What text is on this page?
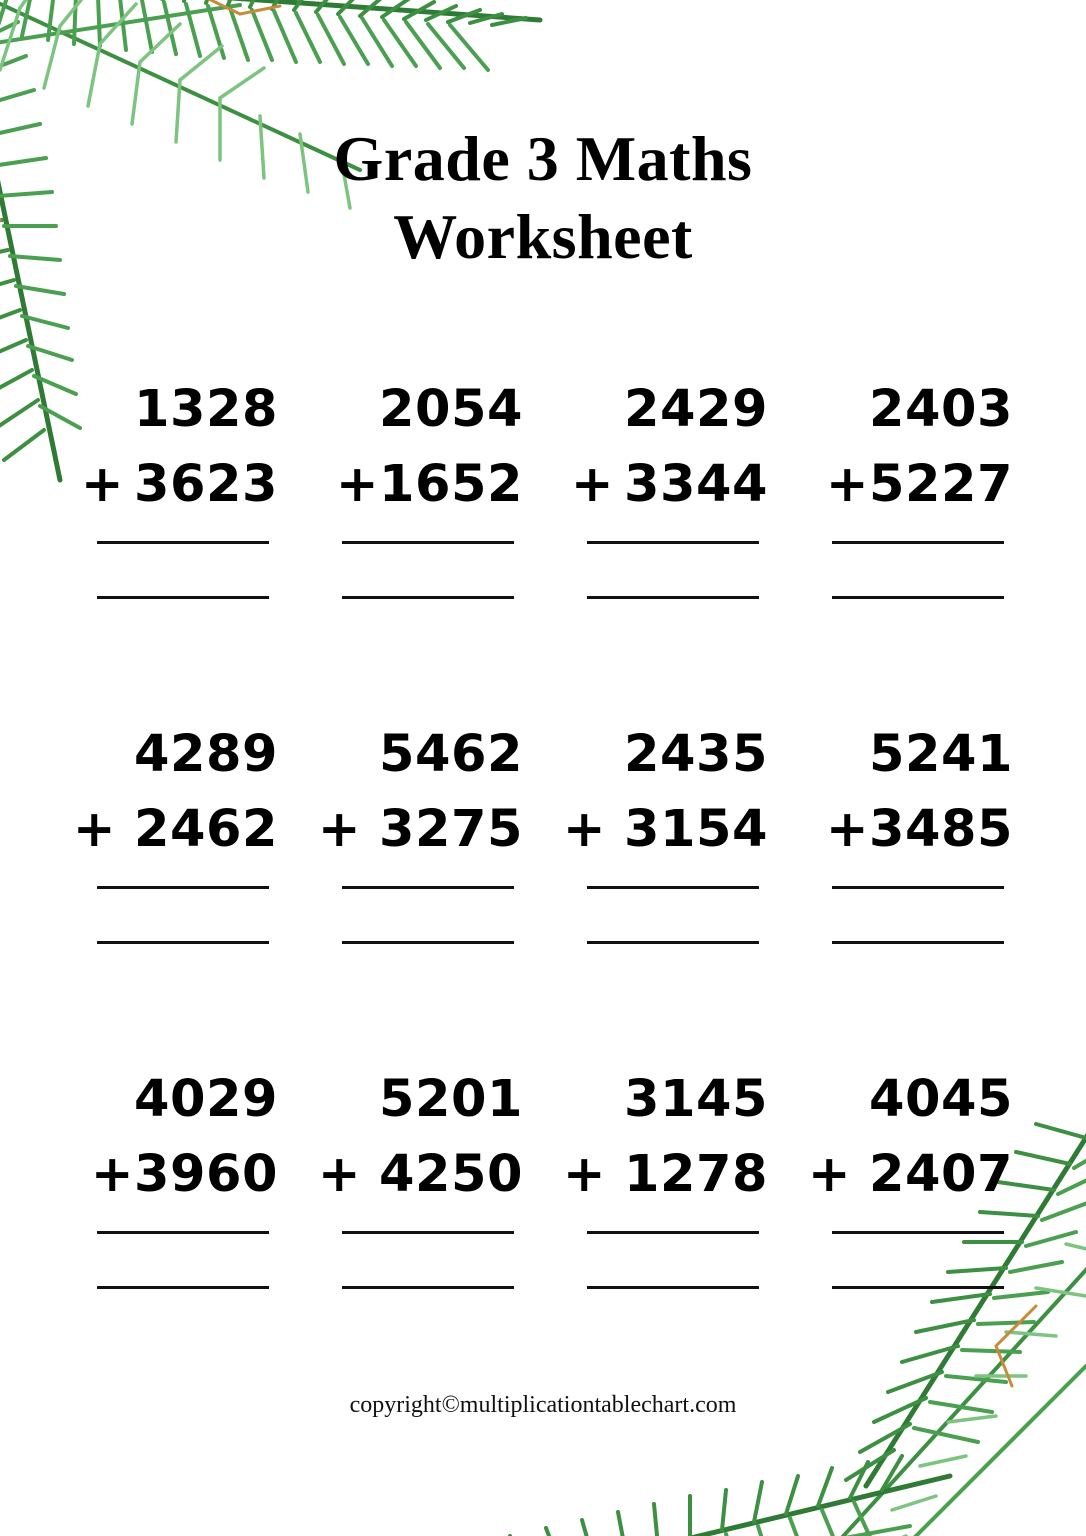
Grade 3 Maths
Worksheet
1328
+ 3623
2054
+ 1652
2429
+ 3344
2403
+ 5227
4289
+ 2462
5462
+ 3275
2435
+ 3154
5241
+ 3485
4029
+ 3960
5201
+ 4250
3145
+ 1278
4045
+ 2407
copyright©multiplicationtablechart.com
